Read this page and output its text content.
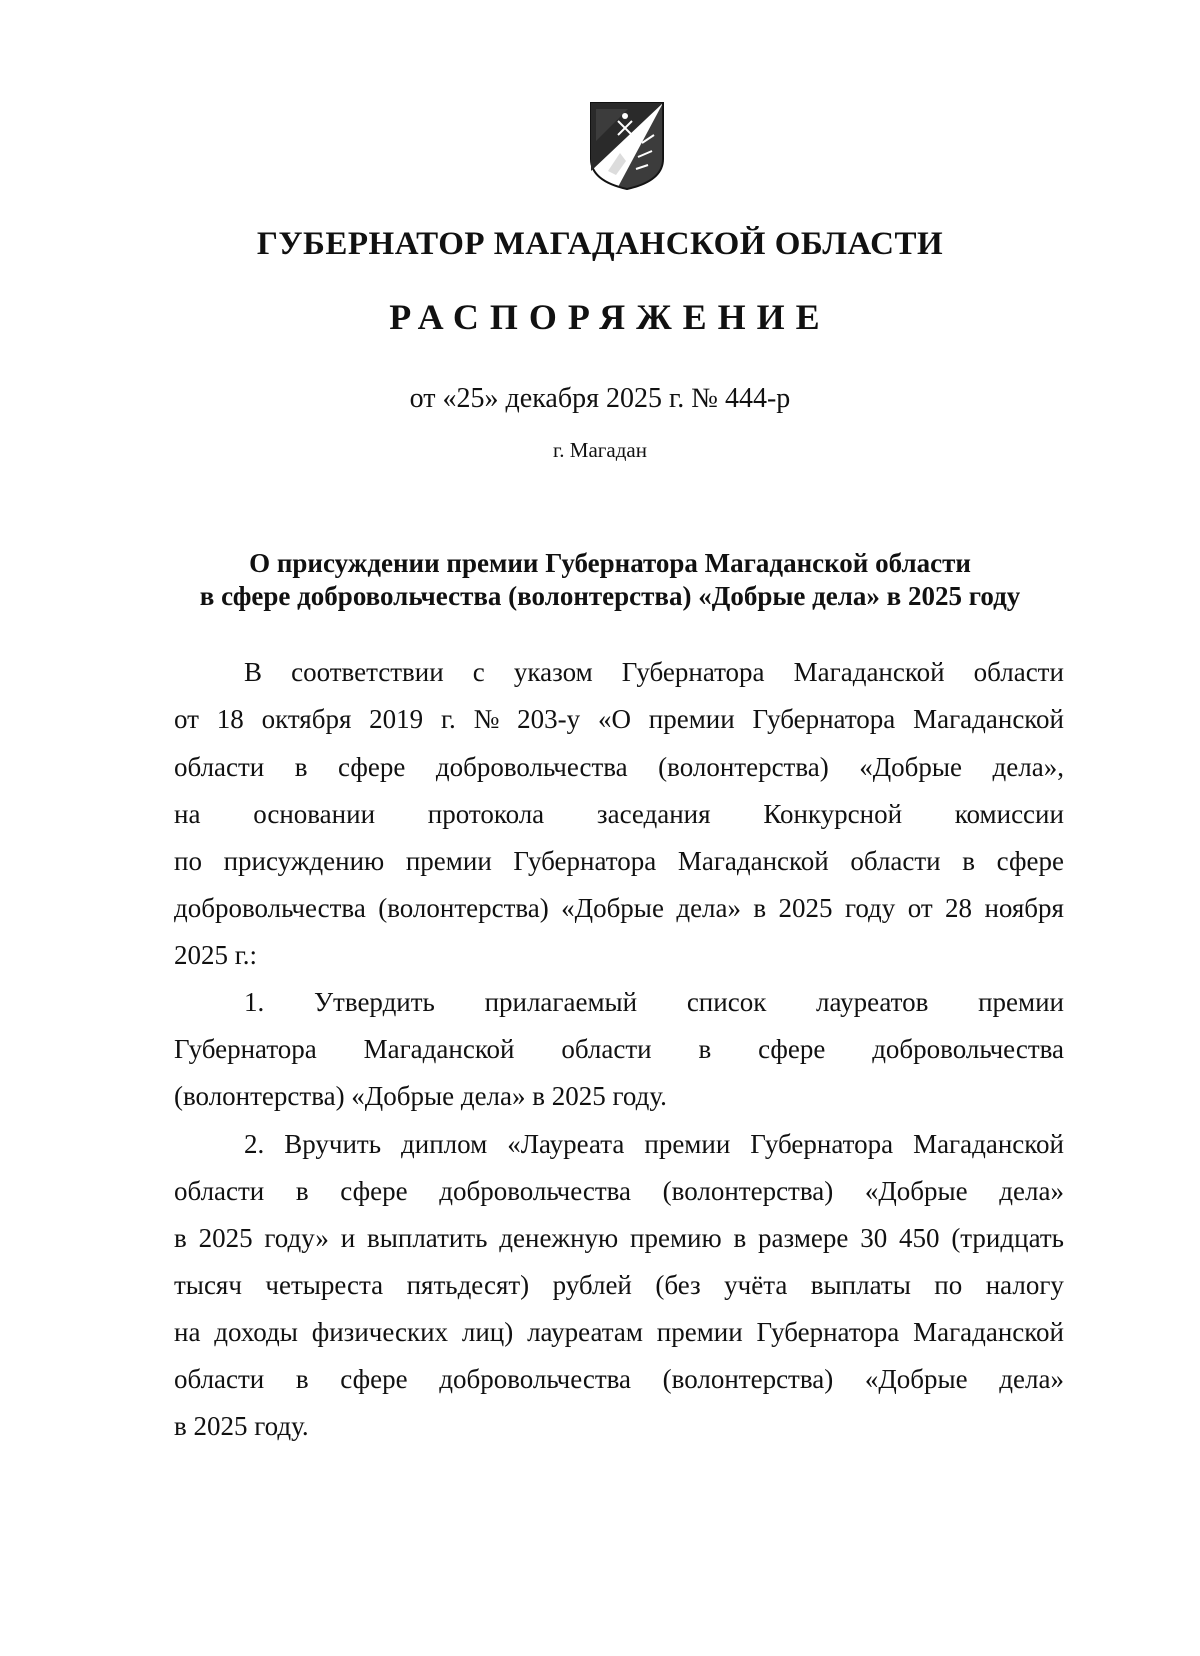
ГУБЕРНАТОР МАГАДАНСКОЙ ОБЛАСТИ
РАСПОРЯЖЕНИЕ
от «25» декабря 2025 г. № 444-р
г. Магадан
О присуждении премии Губернатора Магаданской области
в сфере добровольчества (волонтерства) «Добрые дела» в 2025 году
В соответствии с указом Губернатора Магаданской области
от 18 октября 2019 г. № 203-у «О премии Губернатора Магаданской
области в сфере добровольчества (волонтерства) «Добрые дела»,
на основании протокола заседания Конкурсной комиссии
по присуждению премии Губернатора Магаданской области в сфере
добровольчества (волонтерства) «Добрые дела» в 2025 году от 28 ноября
2025 г.:
1. Утвердить прилагаемый список лауреатов премии
Губернатора Магаданской области в сфере добровольчества
(волонтерства) «Добрые дела» в 2025 году.
2. Вручить диплом «Лауреата премии Губернатора Магаданской
области в сфере добровольчества (волонтерства) «Добрые дела»
в 2025 году» и выплатить денежную премию в размере 30 450 (тридцать
тысяч четыреста пятьдесят) рублей (без учёта выплаты по налогу
на доходы физических лиц) лауреатам премии Губернатора Магаданской
области в сфере добровольчества (волонтерства) «Добрые дела»
в 2025 году.
